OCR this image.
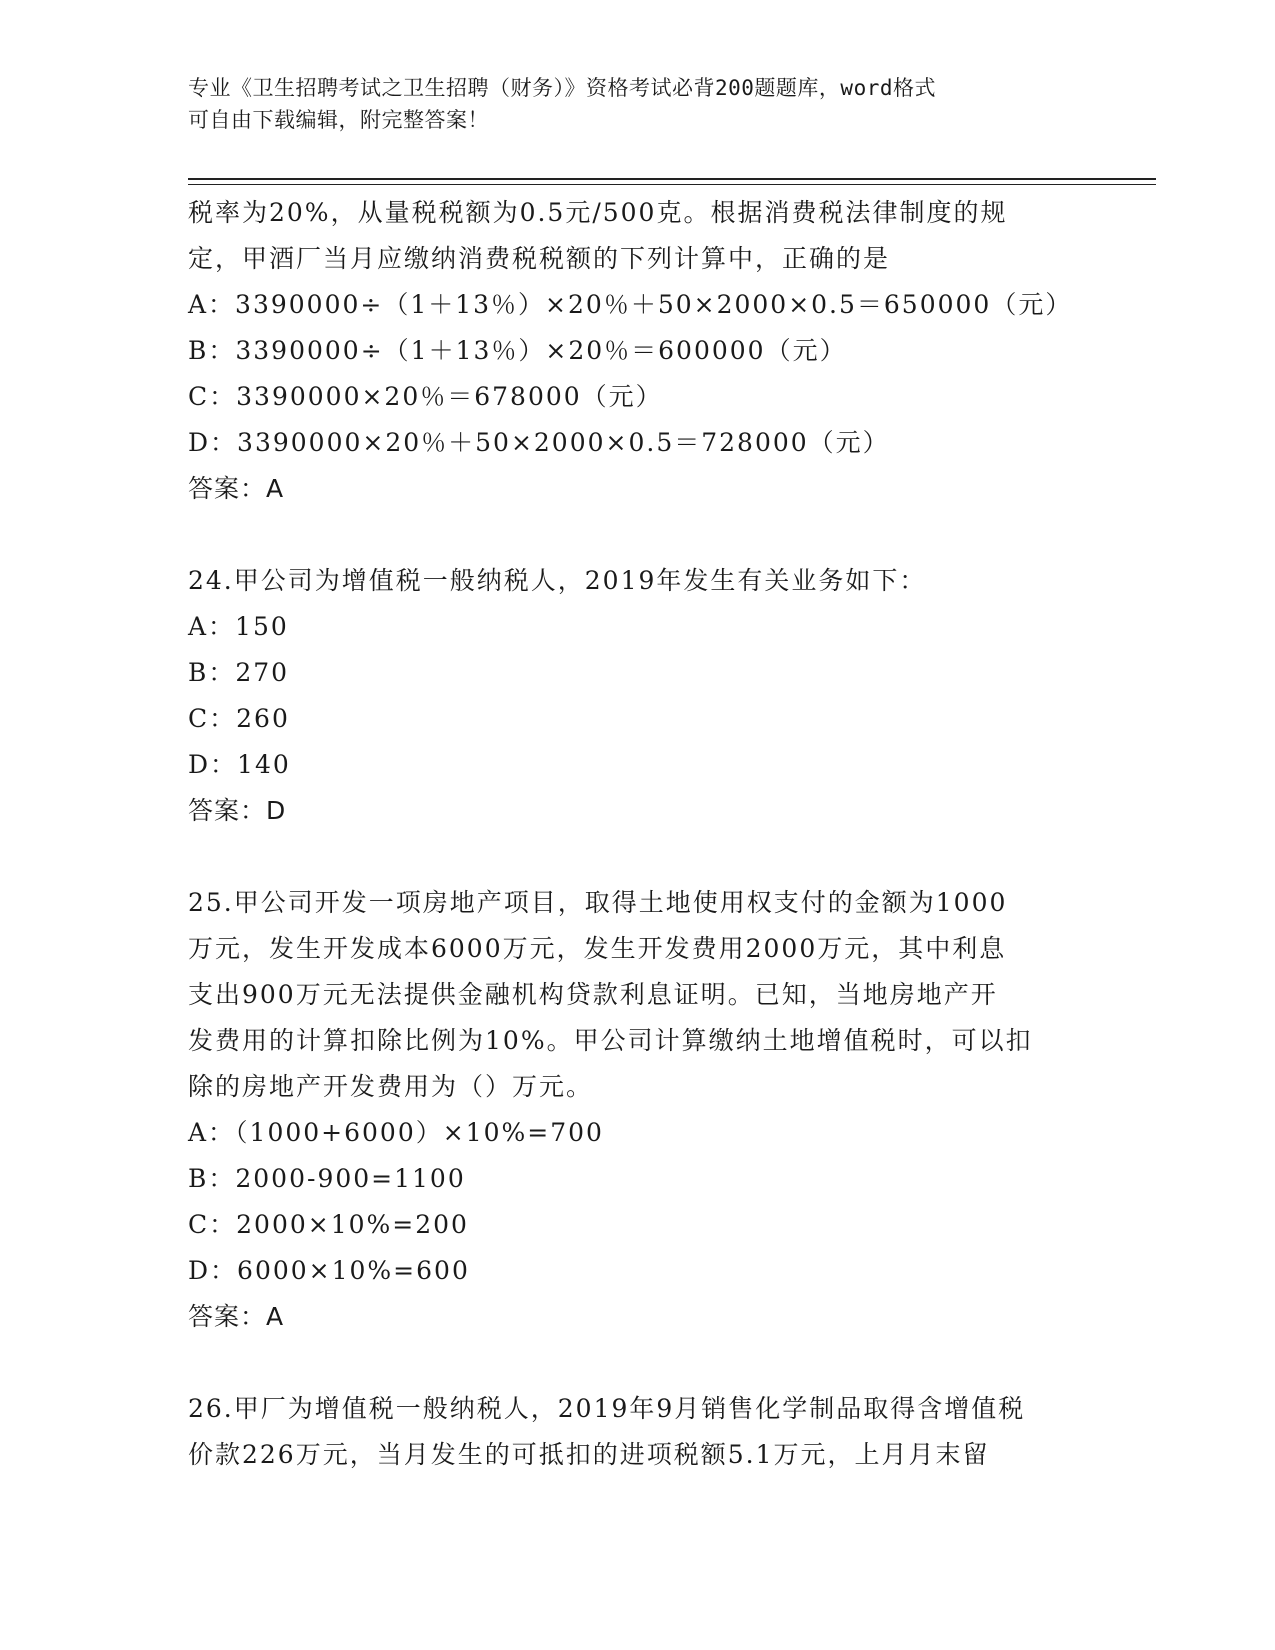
专业《卫生招聘考试之卫生招聘（财务）》资格考试必背200题题库，word格式
可自由下载编辑，附完整答案！
税率为20%，从量税税额为0.5元/500克。根据消费税法律制度的规
定，甲酒厂当月应缴纳消费税税额的下列计算中，正确的是
A：3390000÷（1＋13％）×20％＋50×2000×0.5＝650000（元）
B：3390000÷（1＋13％）×20％＝600000（元）
C：3390000×20％＝678000（元）
D：3390000×20％＋50×2000×0.5＝728000（元）
答案：A
24.甲公司为增值税一般纳税人，2019年发生有关业务如下：
A：150
B：270
C：260
D：140
答案：D
25.甲公司开发一项房地产项目，取得土地使用权支付的金额为1000
万元，发生开发成本6000万元，发生开发费用2000万元，其中利息
支出900万元无法提供金融机构贷款利息证明。已知，当地房地产开
发费用的计算扣除比例为10%。甲公司计算缴纳土地增值税时，可以扣
除的房地产开发费用为（）万元。
A：（1000+6000）×10%=700
B：2000-900=1100
C：2000×10%=200
D：6000×10%=600
答案：A
26.甲厂为增值税一般纳税人，2019年9月销售化学制品取得含增值税
价款226万元，当月发生的可抵扣的进项税额5.1万元，上月月末留
